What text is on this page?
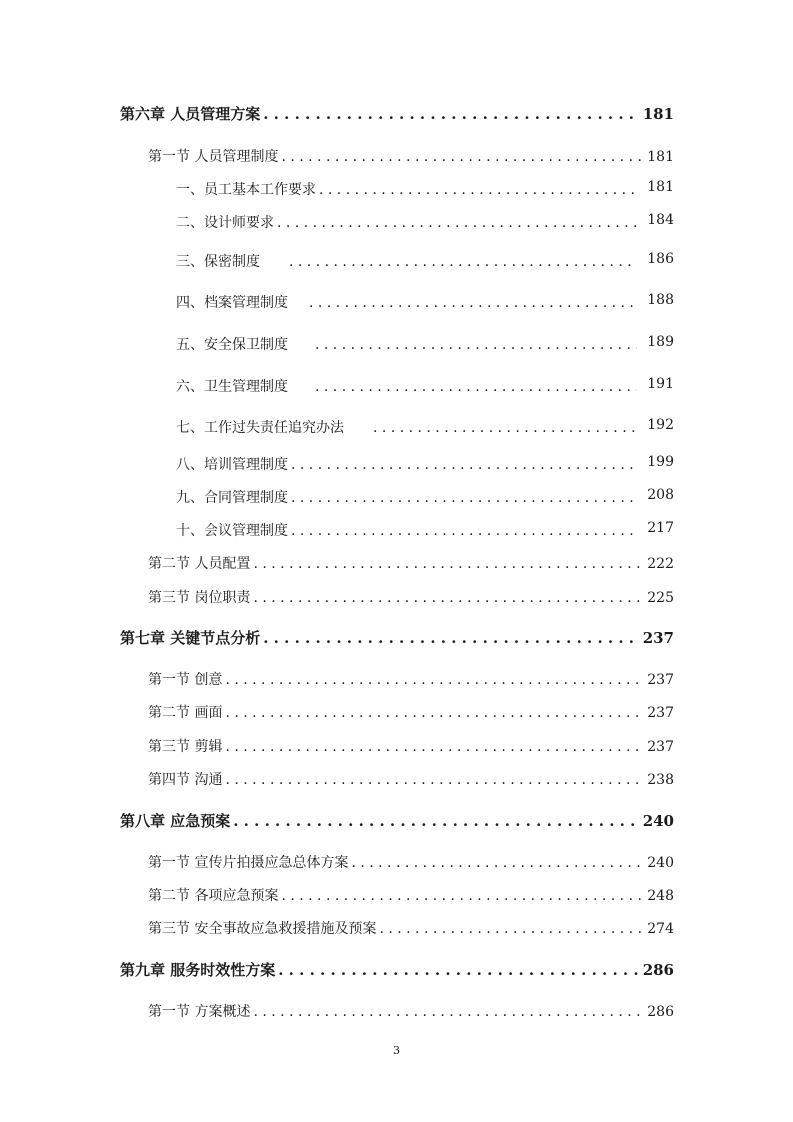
第六章 人员管理方案 . . .	181
第一节 人员管理制度 . . .	181
一、员工基本工作要求 . . .	181
二、设计师要求 . . .	184
三、保密制度 . . .	186
四、档案管理制度 . . .	188
五、安全保卫制度 . . .	189
六、卫生管理制度 . . .	191
七、工作过失责任追究办法 . . .	192
八、培训管理制度 . . .	199
九、合同管理制度 . . .	208
十、会议管理制度 . . .	217
第二节 人员配置 . . .	222
第三节 岗位职责 . . .	225
第七章 关键节点分析 . . .	237
第一节 创意 . . .	237
第二节 画面 . . .	237
第三节 剪辑 . . .	237
第四节 沟通 . . .	238
第八章 应急预案 . . .	240
第一节 宣传片拍摄应急总体方案 . . .	240
第二节 各项应急预案 . . .	248
第三节 安全事故应急救援措施及预案 . . .	274
第九章 服务时效性方案 . . .	286
第一节 方案概述 . . .	286
3
